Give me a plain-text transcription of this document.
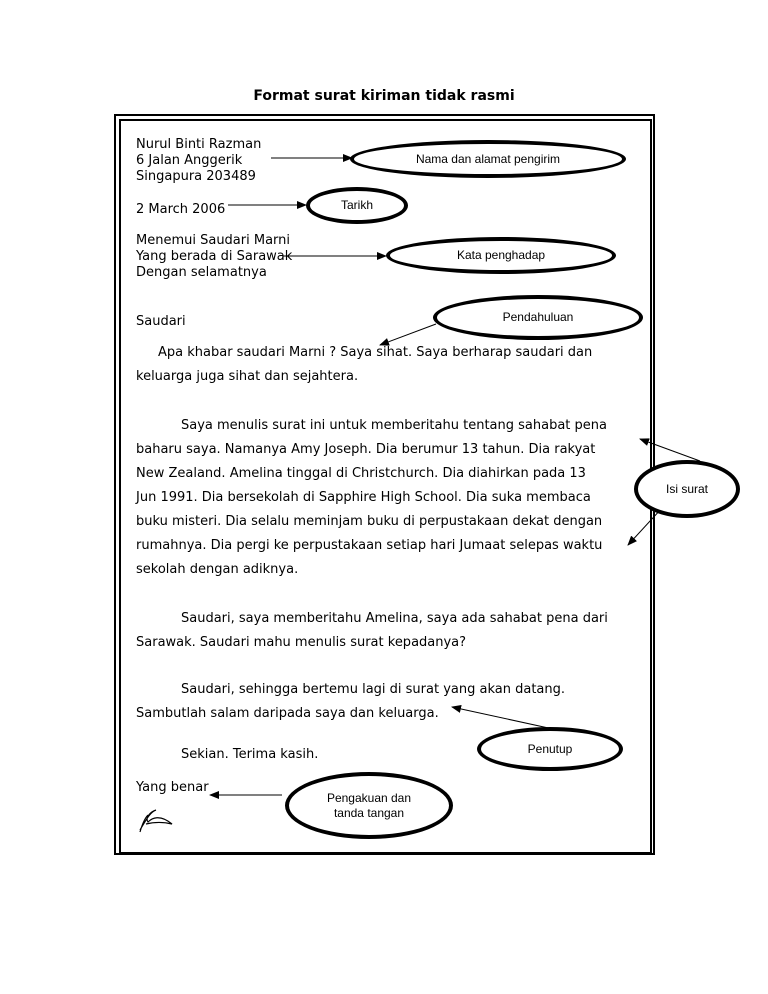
Format surat kiriman tidak rasmi
Nurul Binti Razman
6 Jalan Anggerik
Singapura 203489
2 March 2006
Menemui Saudari Marni
Yang berada di Sarawak
Dengan selamatnya
Saudari
Apa khabar saudari Marni ? Saya sihat. Saya berharap saudari dan
keluarga juga sihat dan sejahtera.
Saya menulis surat ini untuk memberitahu tentang sahabat pena
baharu saya. Namanya Amy Joseph. Dia berumur 13 tahun. Dia rakyat
New Zealand. Amelina tinggal di Christchurch. Dia diahirkan pada 13
Jun 1991. Dia bersekolah di Sapphire High School. Dia suka membaca
buku misteri. Dia selalu meminjam buku di perpustakaan dekat dengan
rumahnya. Dia pergi ke perpustakaan setiap hari Jumaat selepas waktu
sekolah dengan adiknya.
Saudari, saya memberitahu Amelina, saya ada sahabat pena dari
Sarawak. Saudari mahu menulis surat kepadanya?
Saudari, sehingga bertemu lagi di surat yang akan datang.
Sambutlah salam daripada saya dan keluarga.
Sekian. Terima kasih.
Yang benar
Nama dan alamat pengirim
Tarikh
Kata penghadap
Pendahuluan
Isi surat
Penutup
Pengakuan dan
tanda tangan
